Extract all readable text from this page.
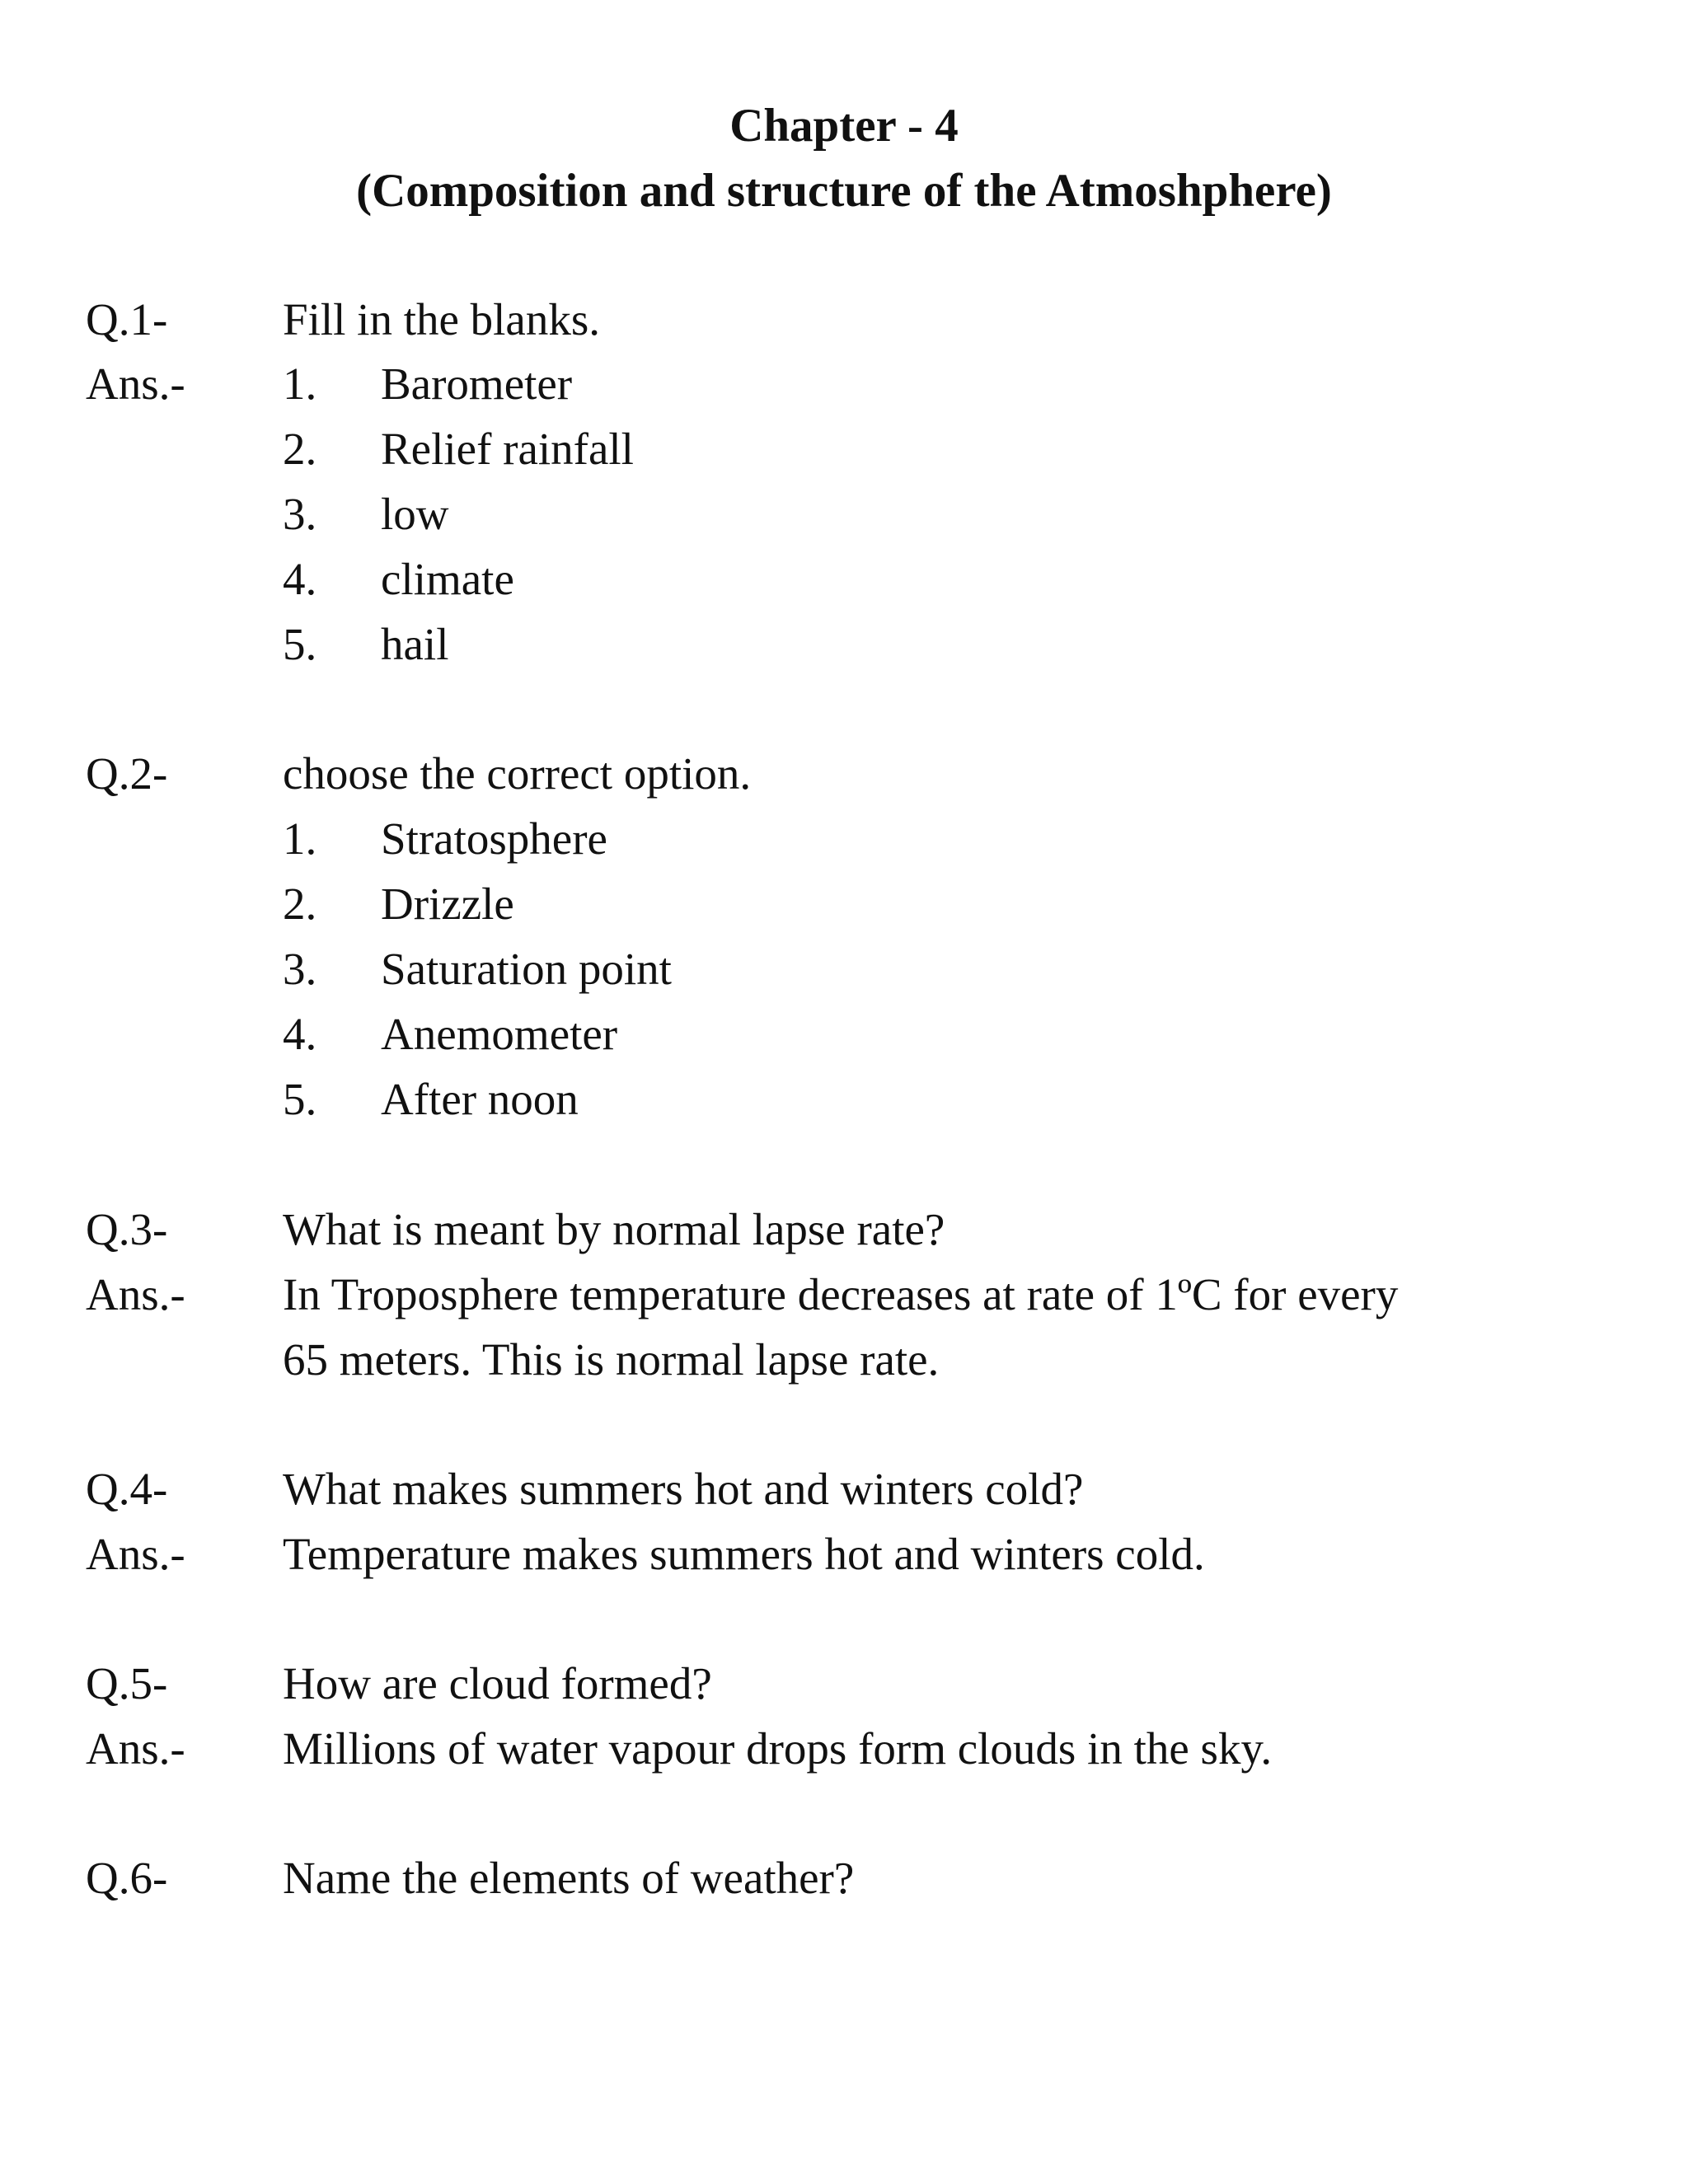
Chapter - 4
(Composition and structure of the Atmoshphere)
Q.1-	Fill in the blanks.
Ans.- 1. Barometer
2. Relief rainfall
3. low
4. climate
5. hail
Q.2-	choose the correct option.
1. Stratosphere
2. Drizzle
3. Saturation point
4. Anemometer
5. After noon
Q.3-	What is meant by normal lapse rate?
Ans.- In Troposphere temperature decreases at rate of 1ºC for every
65 meters. This is normal lapse rate.
Q.4-	What makes summers hot and winters cold?
Ans.- Temperature makes summers hot and winters cold.
Q.5-	How are cloud formed?
Ans.- Millions of water vapour drops form clouds in the sky.
Q.6-	Name the elements of weather?
